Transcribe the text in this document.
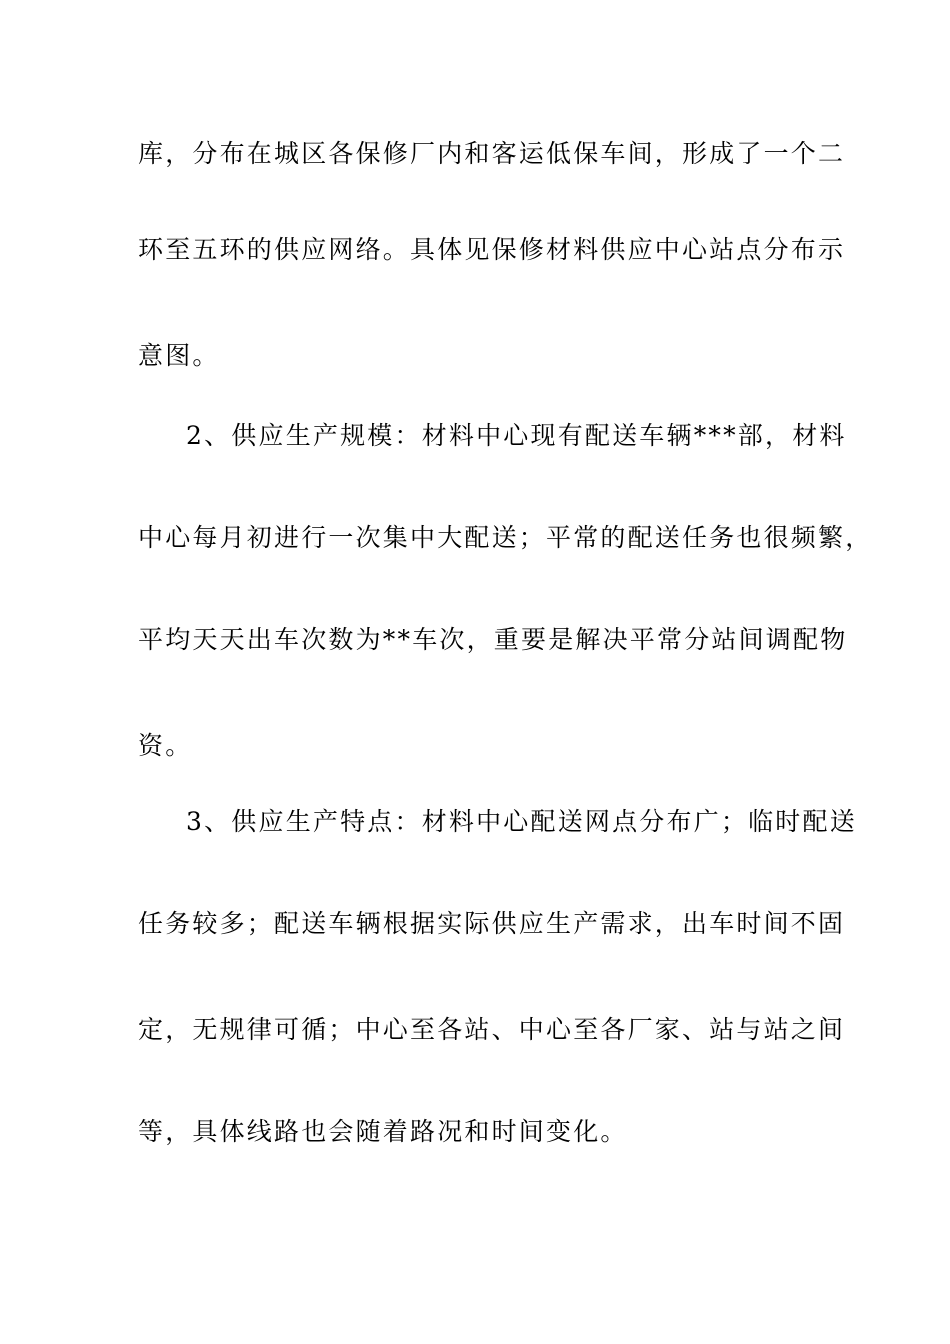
库，分布在城区各保修厂内和客运低保车间，形成了一个二
环至五环的供应网络。具体见保修材料供应中心站点分布示
意图。
2、供应生产规模：材料中心现有配送车辆***部，材料
中心每月初进行一次集中大配送；平常的配送任务也很频繁，
平均天天出车次数为**车次，重要是解决平常分站间调配物
资。
3、供应生产特点：材料中心配送网点分布广；临时配送
任务较多；配送车辆根据实际供应生产需求，出车时间不固
定，无规律可循；中心至各站、中心至各厂家、站与站之间
等，具体线路也会随着路况和时间变化。
